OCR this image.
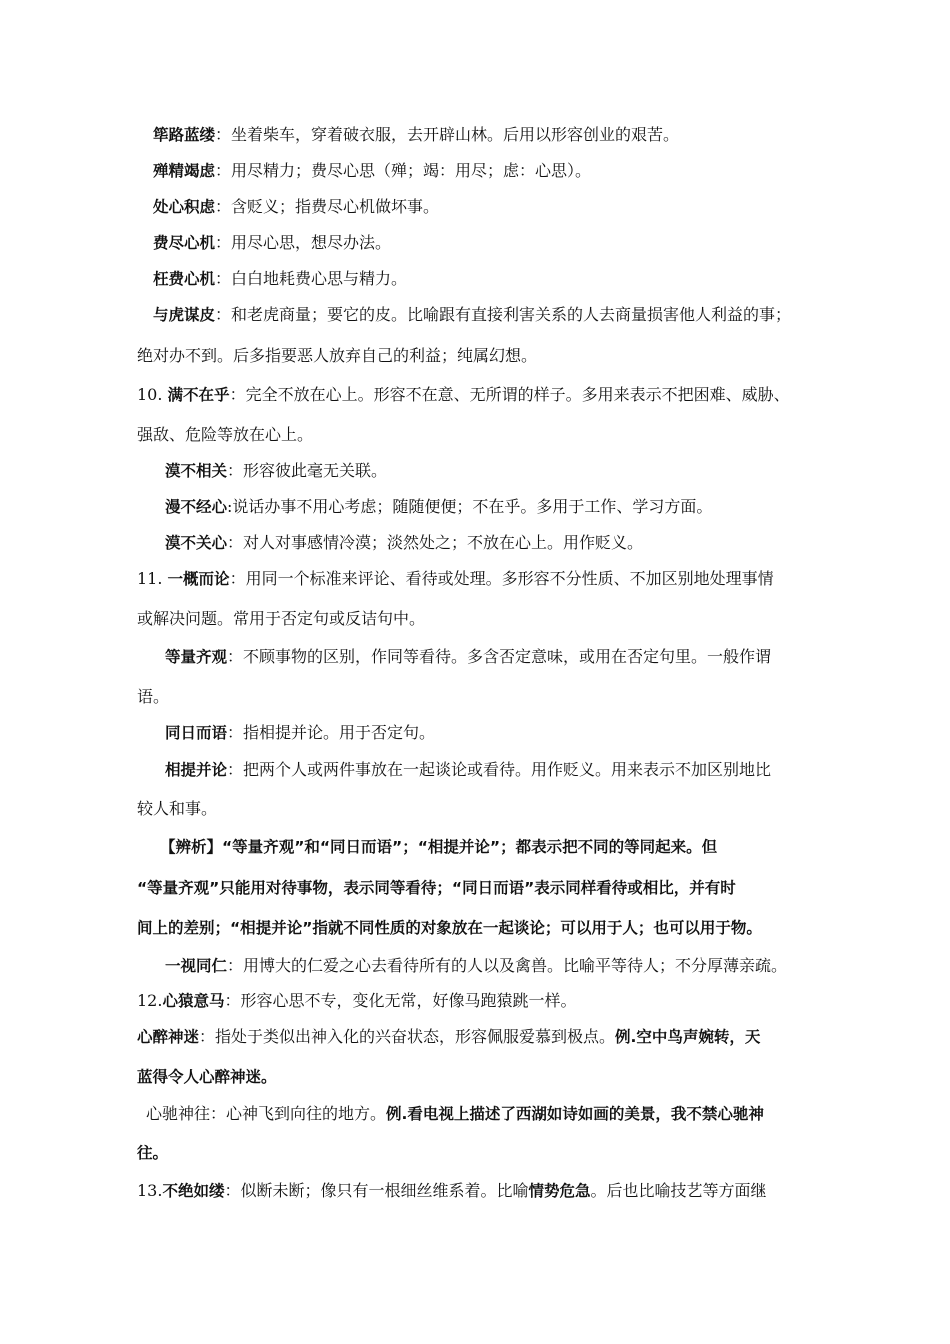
筚路蓝缕：坐着柴车，穿着破衣服，去开辟山林。后用以形容创业的艰苦。
殚精竭虑：用尽精力；费尽心思（殚；竭：用尽；虑：心思）。
处心积虑：含贬义；指费尽心机做坏事。
费尽心机：用尽心思，想尽办法。
枉费心机：白白地耗费心思与精力。
与虎谋皮：和老虎商量；要它的皮。比喻跟有直接利害关系的人去商量损害他人利益的事；
绝对办不到。后多指要恶人放弃自己的利益；纯属幻想。
10. 满不在乎：完全不放在心上。形容不在意、无所谓的样子。多用来表示不把困难、威胁、
强敌、危险等放在心上。
漠不相关：形容彼此毫无关联。
漫不经心:说话办事不用心考虑；随随便便；不在乎。多用于工作、学习方面。
漠不关心：对人对事感情冷漠；淡然处之；不放在心上。用作贬义。
11. 一概而论：用同一个标准来评论、看待或处理。多形容不分性质、不加区别地处理事情
或解决问题。常用于否定句或反诘句中。
等量齐观：不顾事物的区别，作同等看待。多含否定意味，或用在否定句里。一般作谓
语。
同日而语：指相提并论。用于否定句。
相提并论：把两个人或两件事放在一起谈论或看待。用作贬义。用来表示不加区别地比
较人和事。
【辨析】“等量齐观”和“同日而语”；“相提并论”；都表示把不同的等同起来。但
“等量齐观”只能用对待事物，表示同等看待；“同日而语”表示同样看待或相比，并有时
间上的差别；“相提并论”指就不同性质的对象放在一起谈论；可以用于人；也可以用于物。
一视同仁：用博大的仁爱之心去看待所有的人以及禽兽。比喻平等待人；不分厚薄亲疏。
12.心猿意马：形容心思不专，变化无常，好像马跑猿跳一样。
心醉神迷：指处于类似出神入化的兴奋状态，形容佩服爱慕到极点。例.空中鸟声婉转，天
蓝得令人心醉神迷。
心驰神往：心神飞到向往的地方。例.看电视上描述了西湖如诗如画的美景，我不禁心驰神
往。
13.不绝如缕：似断未断；像只有一根细丝维系着。比喻情势危急。后也比喻技艺等方面继
